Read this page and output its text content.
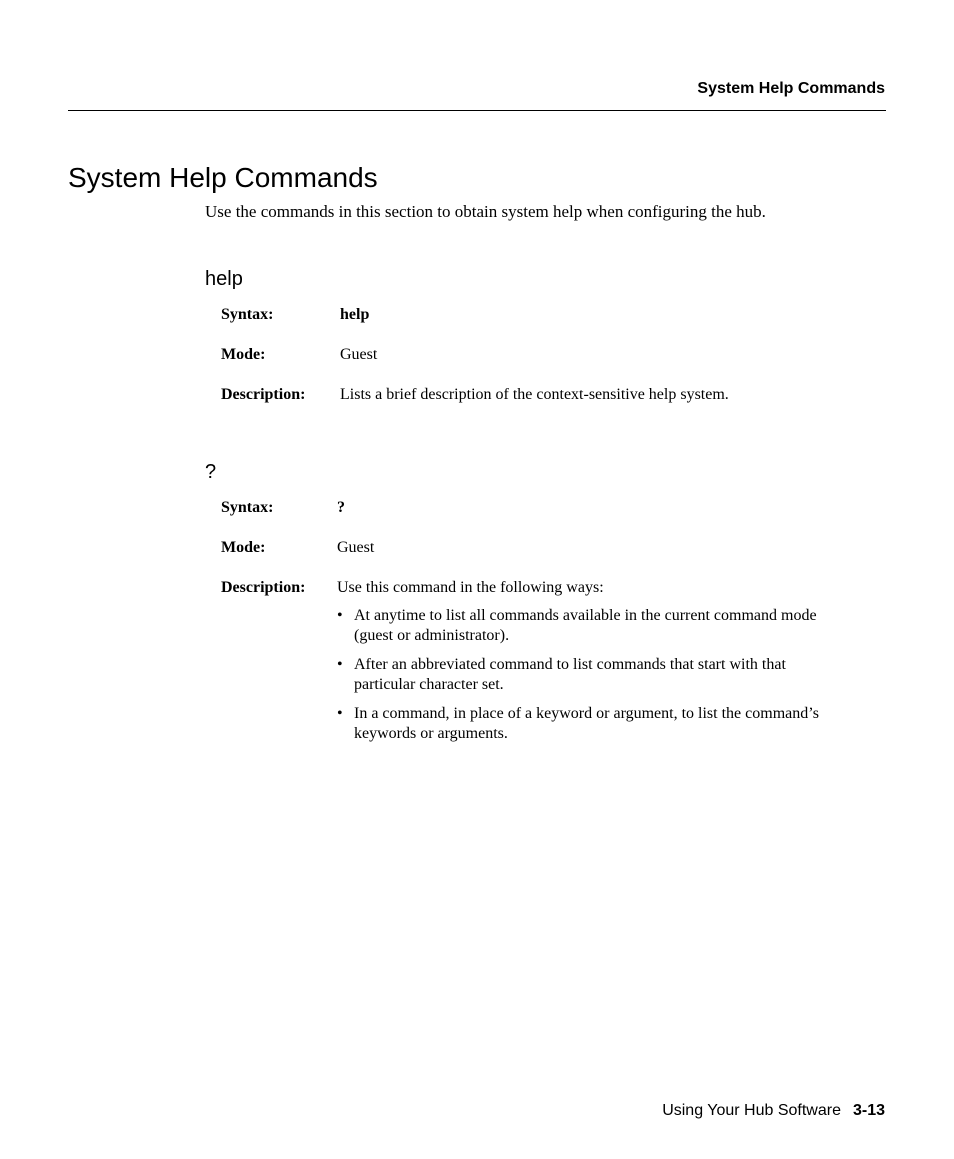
System Help Commands
System Help Commands

Use the commands in this section to obtain system help when configuring the hub.

help
Syntax:	help
Mode:	Guest
Description: Lists a brief description of the context-sensitive help system.
?
Syntax:	?
Mode:	Guest
Description: Use this command in the following ways:
• At anytime to list all commands available in the current command mode
(guest or administrator).
• After an abbreviated command to list commands that start with that
particular character set.
• In a command, in place of a keyword or argument, to list the command’s
keywords or arguments.
Using Your Hub Software 3-13
